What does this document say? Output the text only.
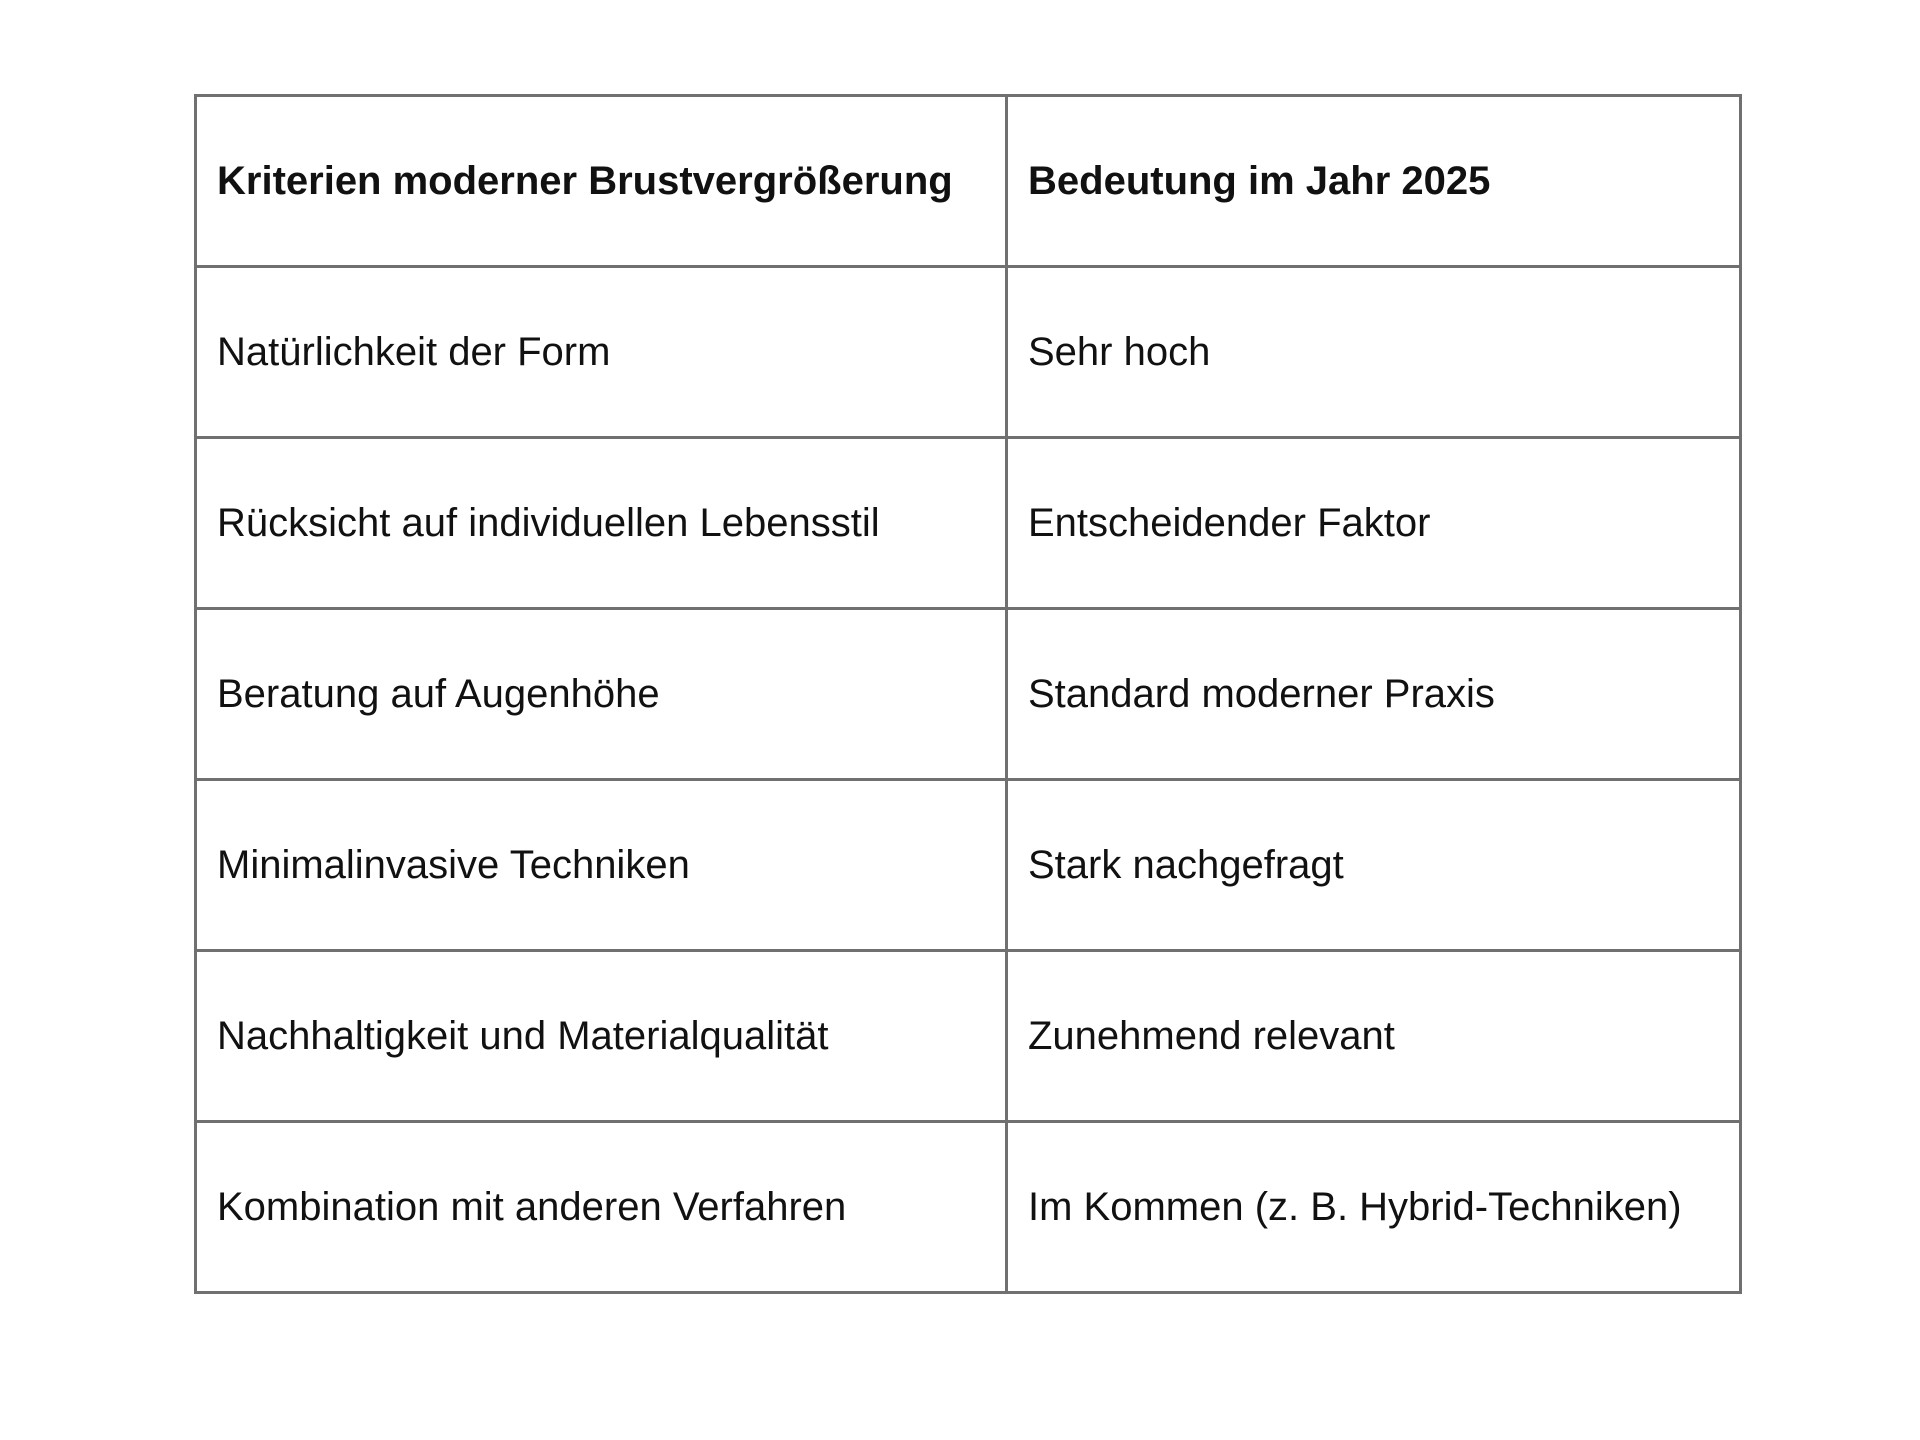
Kriterien moderner Brustvergrößerung	Bedeutung im Jahr 2025
Natürlichkeit der Form	Sehr hoch
Rücksicht auf individuellen Lebensstil	Entscheidender Faktor
Beratung auf Augenhöhe	Standard moderner Praxis
Minimalinvasive Techniken	Stark nachgefragt
Nachhaltigkeit und Materialqualität	Zunehmend relevant
Kombination mit anderen Verfahren	Im Kommen (z. B. Hybrid-Techniken)
